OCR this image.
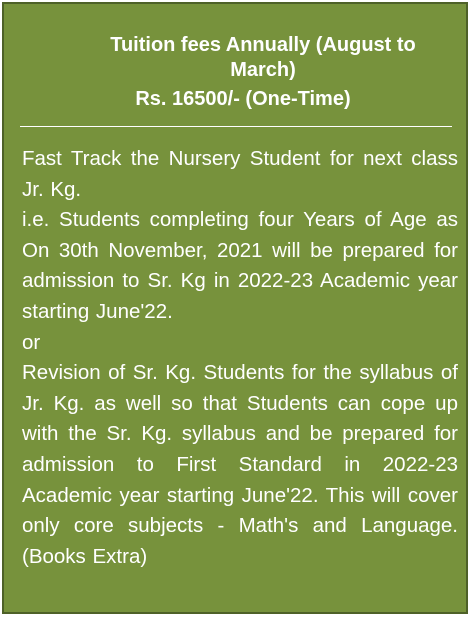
Tuition fees Annually (August to

March)

Rs. 16500/- (One-Time)

Fast Track the Nursery Student for next class Jr. Kg.

i.e. Students completing four Years of Age as On 30th November, 2021 will be prepared for admission to Sr. Kg in 2022-23 Academic year starting June'22.

or

Revision of Sr. Kg. Students for the syllabus of Jr. Kg. as well so that Students can cope up with the Sr. Kg. syllabus and be prepared for admission to First Standard in 2022-23 Academic year starting June'22. This will cover only core subjects - Math's and Language. (Books Extra)
